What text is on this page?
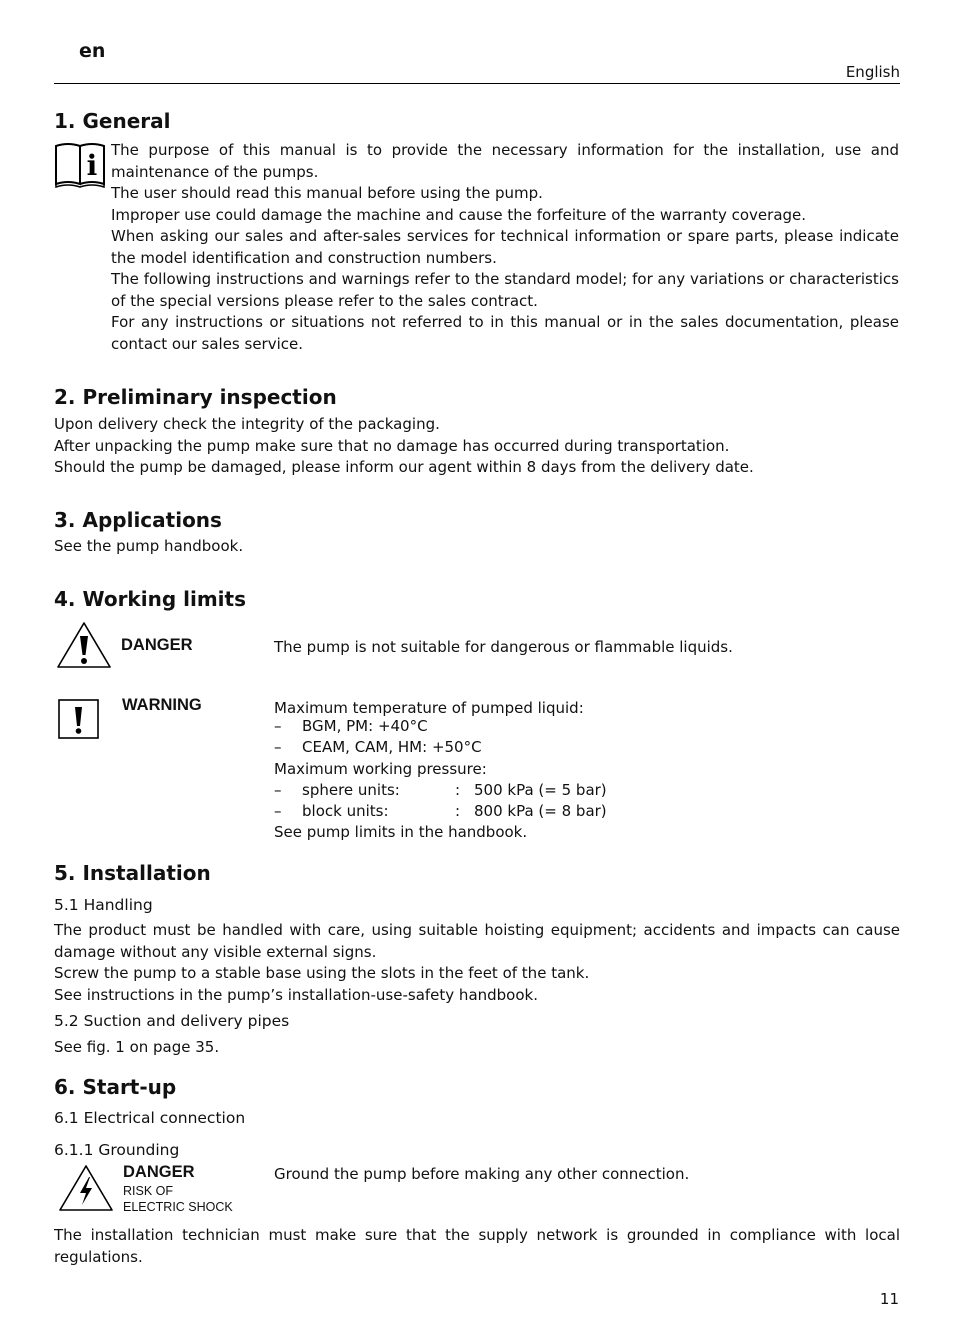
en
English
1. General
i The purpose of this manual is to provide the necessary information for the installation, use and maintenance of the pumps.
The user should read this manual before using the pump.
Improper use could damage the machine and cause the forfeiture of the warranty coverage.
When asking our sales and after-sales services for technical information or spare parts, please indicate the model identification and construction numbers.
The following instructions and warnings refer to the standard model; for any variations or characteristics of the special versions please refer to the sales contract.
For any instructions or situations not referred to in this manual or in the sales documentation, please contact our sales service.
2. Preliminary inspection
Upon delivery check the integrity of the packaging.
After unpacking the pump make sure that no damage has occurred during transportation.
Should the pump be damaged, please inform our agent within 8 days from the delivery date.
3. Applications
See the pump handbook.
4. Working limits
DANGER	The pump is not suitable for dangerous or flammable liquids.
WARNING	Maximum temperature of pumped liquid:
– BGM, PM: +40°C
– CEAM, CAM, HM: +50°C
Maximum working pressure:
– sphere units:	: 500 kPa (= 5 bar)
– block units:	: 800 kPa (= 8 bar)
See pump limits in the handbook.
5. Installation
5.1 Handling
The product must be handled with care, using suitable hoisting equipment; accidents and impacts can cause damage without any visible external signs.
Screw the pump to a stable base using the slots in the feet of the tank.
See instructions in the pump’s installation-use-safety handbook.
5.2 Suction and delivery pipes
See fig. 1 on page 35.
6. Start-up
6.1 Electrical connection
6.1.1 Grounding
DANGER
RISK OF
ELECTRIC SHOCK
Ground the pump before making any other connection.
The installation technician must make sure that the supply network is grounded in compliance with local regulations.
11
